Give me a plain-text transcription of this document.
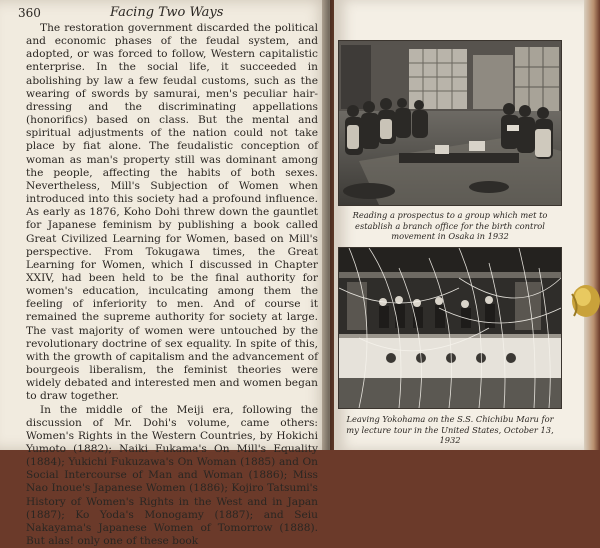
360	Facing Two Ways

The restoration government discarded the political and economic phases of the feudal system, and adopted, or was forced to follow, Western capitalistic enterprise. In the social life, it succeeded in abolishing by law a few feudal customs, such as the wearing of swords by samurai, men's peculiar hair-dressing and the discriminating appellations (honorifics) based on class. But the mental and spiritual adjustments of the nation could not take place by fiat alone. The feudalistic conception of woman as man's property still was dominant among the people, affecting the habits of both sexes. Nevertheless, Mill's Subjection of Women when introduced into this society had a profound influence. As early as 1876, Koho Dohi threw down the gauntlet for Japanese feminism by publishing a book called Great Civilized Learning for Women, based on Mill's perspective. From Tokugawa times, the Great Learning for Women, which I discussed in Chapter XXIV, had been held to be the final authority for women's education, inculcating among them the feeling of inferiority to men. And of course it remained the supreme authority for society at large. The vast majority of women were untouched by the revolutionary doctrine of sex equality. In spite of this, with the growth of capitalism and the advancement of bourgeois liberalism, the feminist theories were widely debated and interested men and women began to draw together.

In the middle of the Meiji era, following the discussion of Mr. Dohi's volume, came others: Women's Rights in the Western Countries, by Hokichi Yumoto (1882); Naiki Fukama's On Mill's Equality (1884); Yukichi Fukuzawa's On Woman (1885) and On Social Intercourse of Man and Woman (1886); Miss Nao Inoue's Japanese Women (1886); Kojiro Tatsumi's History of Women's Rights in the West and in Japan (1887); Ko Yoda's Monogamy (1887); and Seiu Nakayama's Japanese Women of Tomorrow (1888). But alas! only one of these book

Reading a prospectus to a group which met to establish a branch office for the birth control movement in Osaka in 1932
Leaving Yokohama on the S.S. Chichibu Maru for my lecture tour in the United States, October 13, 1932
